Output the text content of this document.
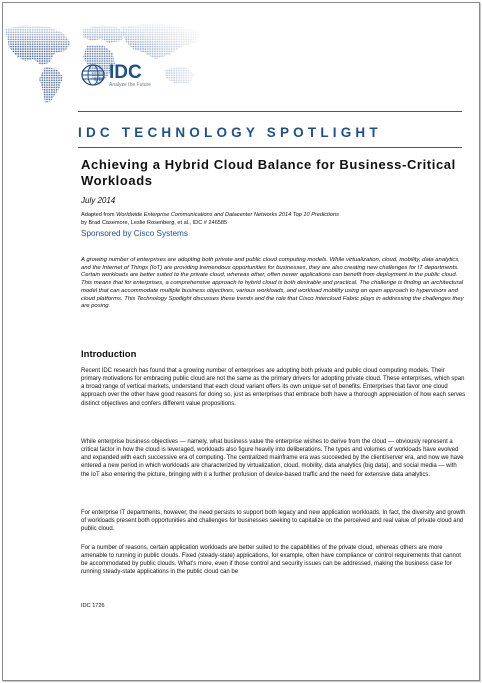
IDC
Analyze the Future
IDC TECHNOLOGY SPOTLIGHT
Achieving a Hybrid Cloud Balance for Business-Critical Workloads
July 2014
Adapted from Worldwide Enterprise Communications and Datacenter Networks 2014 Top 10 Predictions
by Brad Casemore, Leslie Rosenberg, et al., IDC # 246585
Sponsored by Cisco Systems
A growing number of enterprises are adopting both private and public cloud computing models. While virtualization, cloud, mobility, data analytics, and the Internet of Things (IoT) are providing tremendous opportunities for businesses, they are also creating new challenges for IT departments. Certain workloads are better suited to the private cloud, whereas other, often newer applications can benefit from deployment in the public cloud. This means that for enterprises, a comprehensive approach to hybrid cloud is both desirable and practical. The challenge is finding an architectural model that can accommodate multiple business objectives, various workloads, and workload mobility using an open approach to hypervisors and cloud platforms. This Technology Spotlight discusses these trends and the role that Cisco Intercloud Fabric plays in addressing the challenges they are posing.
Introduction
Recent IDC research has found that a growing number of enterprises are adopting both private and public cloud computing models. Their primary motivations for embracing public cloud are not the same as the primary drivers for adopting private cloud. These enterprises, which span a broad range of vertical markets, understand that each cloud variant offers its own unique set of benefits. Enterprises that favor one cloud approach over the other have good reasons for doing so, just as enterprises that embrace both have a thorough appreciation of how each serves distinct objectives and confers different value propositions.
While enterprise business objectives — namely, what business value the enterprise wishes to derive from the cloud — obviously represent a critical factor in how the cloud is leveraged, workloads also figure heavily into deliberations. The types and volumes of workloads have evolved and expanded with each successive era of computing. The centralized mainframe era was succeeded by the client/server era, and now we have entered a new period in which workloads are characterized by virtualization, cloud, mobility, data analytics (big data), and social media — with the IoT also entering the picture, bringing with it a further profusion of device-based traffic and the need for extensive data analytics.
For enterprise IT departments, however, the need persists to support both legacy and new application workloads. In fact, the diversity and growth of workloads present both opportunities and challenges for businesses seeking to capitalize on the perceived and real value of private cloud and public cloud.
For a number of reasons, certain application workloads are better suited to the capabilities of the private cloud, whereas others are more amenable to running in public clouds. Fixed (steady-state) applications, for example, often have compliance or control requirements that cannot be accommodated by public clouds. What's more, even if those control and security issues can be addressed, making the business case for running steady-state applications in the public cloud can be
IDC 1726
